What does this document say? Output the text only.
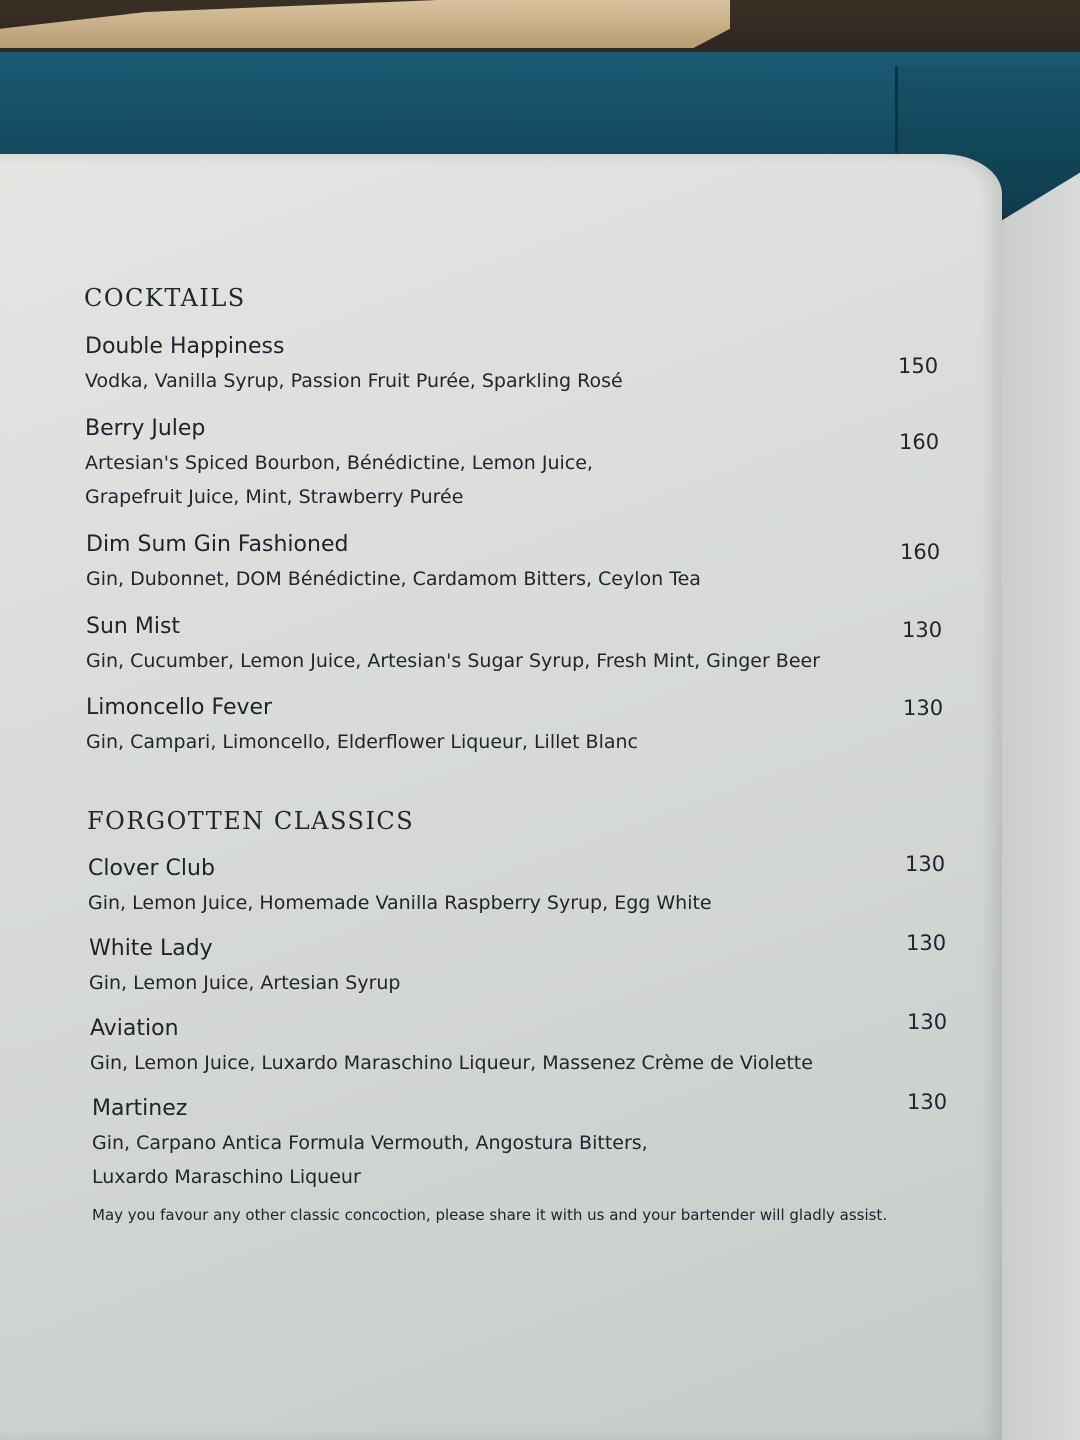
COCKTAILS
Double Happiness
Vodka, Vanilla Syrup, Passion Fruit Purée, Sparkling Rosé
150
Berry Julep
Artesian's Spiced Bourbon, Bénédictine, Lemon Juice,
Grapefruit Juice, Mint, Strawberry Purée
160
Dim Sum Gin Fashioned
Gin, Dubonnet, DOM Bénédictine, Cardamom Bitters, Ceylon Tea
160
Sun Mist
Gin, Cucumber, Lemon Juice, Artesian's Sugar Syrup, Fresh Mint, Ginger Beer
130
Limoncello Fever
Gin, Campari, Limoncello, Elderflower Liqueur, Lillet Blanc
130
FORGOTTEN CLASSICS
Clover Club
Gin, Lemon Juice, Homemade Vanilla Raspberry Syrup, Egg White
130
White Lady
Gin, Lemon Juice, Artesian Syrup
130
Aviation
Gin, Lemon Juice, Luxardo Maraschino Liqueur, Massenez Crème de Violette
130
Martinez
Gin, Carpano Antica Formula Vermouth, Angostura Bitters,
Luxardo Maraschino Liqueur
130
May you favour any other classic concoction, please share it with us and your bartender will gladly assist.
